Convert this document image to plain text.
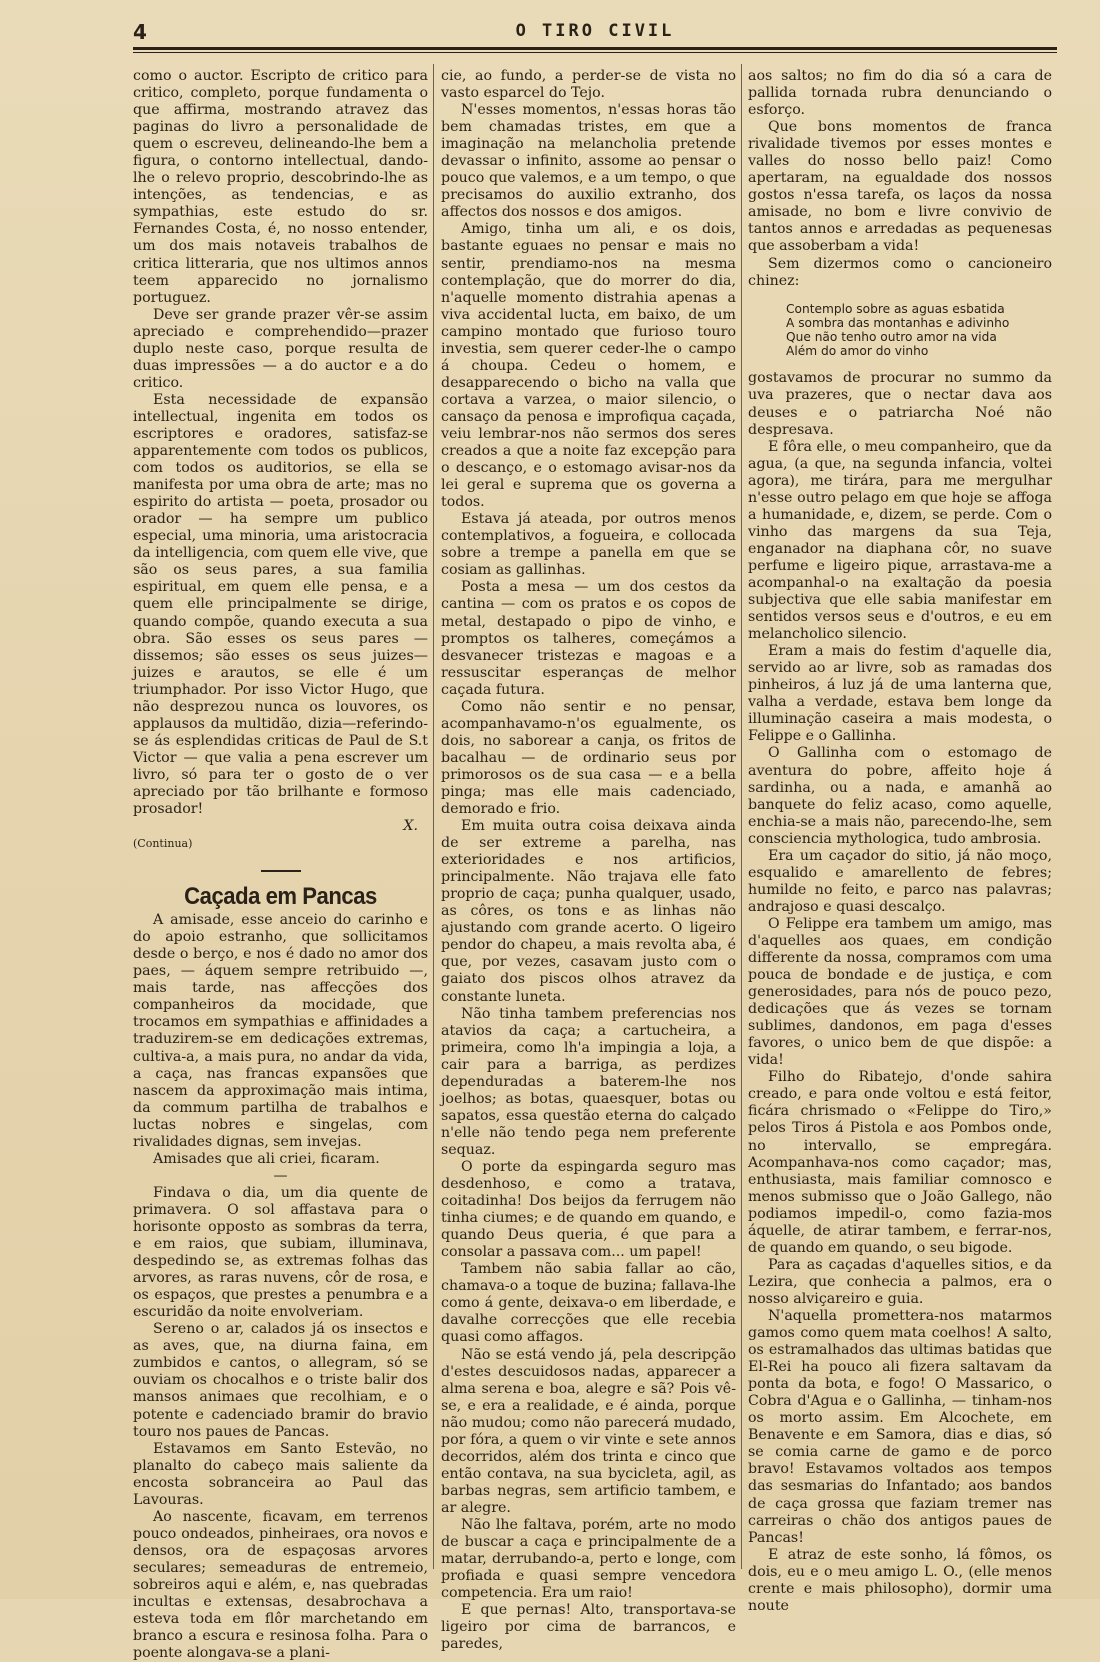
4	O TIRO CIVIL

como o auctor. Escripto de critico para critico, completo, porque fundamenta o que affirma, mostrando atravez das paginas do livro a personalidade de quem o escreveu, delineando-lhe bem a figura, o contorno intellectual, dando-lhe o relevo proprio, descobrindo-lhe as intenções, as tendencias, e as sympathias, este estudo do sr. Fernandes Costa, é, no nosso entender, um dos mais notaveis trabalhos de critica litteraria, que nos ultimos annos teem apparecido no jornalismo portuguez.

Deve ser grande prazer vêr-se assim apreciado e comprehendido—prazer duplo neste caso, porque resulta de duas impressões — a do auctor e a do critico.

Esta necessidade de expansão intellectual, ingenita em todos os escriptores e oradores, satisfaz-se apparentemente com todos os publicos, com todos os auditorios, se ella se manifesta por uma obra de arte; mas no espirito do artista — poeta, prosador ou orador — ha sempre um publico especial, uma minoria, uma aristocracia da intelligencia, com quem elle vive, que são os seus pares, a sua familia espiritual, em quem elle pensa, e a quem elle principalmente se dirige, quando compõe, quando executa a sua obra. São esses os seus pares — dissemos; são esses os seus juizes— juizes e arautos, se elle é um triumphador. Por isso Victor Hugo, que não desprezou nunca os louvores, os applausos da multidão, dizia—referindo-se ás esplendidas criticas de Paul de S.t Victor — que valia a pena escrever um livro, só para ter o gosto de o ver apreciado por tão brilhante e formoso prosador!

X.

(Continua)

Caçada em Pancas

A amisade, esse anceio do carinho e do apoio estranho, que sollicitamos desde o berço, e nos é dado no amor dos paes, — áquem sempre retribuido —, mais tarde, nas affecções dos companheiros da mocidade, que trocamos em sympathias e affinidades a traduzirem-se em dedicações extremas, cultiva-a, a mais pura, no andar da vida, a caça, nas francas expansões que nascem da approximação mais intima, da commum partilha de trabalhos e luctas nobres e singelas, com rivalidades dignas, sem invejas.

Amisades que ali criei, ficaram.

—

Findava o dia, um dia quente de primavera. O sol affastava para o horisonte opposto as sombras da terra, e em raios, que subiam, illuminava, despedindo se, as extremas folhas das arvores, as raras nuvens, côr de rosa, e os espaços, que prestes a penumbra e a escuridão da noite envolveriam.

Sereno o ar, calados já os insectos e as aves, que, na diurna faina, em zumbidos e cantos, o allegram, só se ouviam os chocalhos e o triste balir dos mansos animaes que recolhiam, e o potente e cadenciado bramir do bravio touro nos paues de Pancas.

Estavamos em Santo Estevão, no planalto do cabeço mais saliente da encosta sobranceira ao Paul das Lavouras.

Ao nascente, ficavam, em terrenos pouco ondeados, pinheiraes, ora novos e densos, ora de espaçosas arvores seculares; semeaduras de entremeio, sobreiros aqui e além, e, nas quebradas incultas e extensas, desabrochava a esteva toda em flôr marchetando em branco a escura e resinosa folha. Para o poente alongava-se a plani-

cie, ao fundo, a perder-se de vista no vasto esparcel do Tejo.

N'esses momentos, n'essas horas tão bem chamadas tristes, em que a imaginação na melancholia pretende devassar o infinito, assome ao pensar o pouco que valemos, e a um tempo, o que precisamos do auxilio extranho, dos affectos dos nossos e dos amigos.

Amigo, tinha um ali, e os dois, bastante eguaes no pensar e mais no sentir, prendiamo-nos na mesma contemplação, que do morrer do dia, n'aquelle momento distrahia apenas a viva accidental lucta, em baixo, de um campino montado que furioso touro investia, sem querer ceder-lhe o campo á choupa. Cedeu o homem, e desapparecendo o bicho na valla que cortava a varzea, o maior silencio, o cansaço da penosa e improfiqua caçada, veiu lembrar-nos não sermos dos seres creados a que a noite faz excepção para o descanço, e o estomago avisar-nos da lei geral e suprema que os governa a todos.

Estava já ateada, por outros menos contemplativos, a fogueira, e collocada sobre a trempe a panella em que se cosiam as gallinhas.

Posta a mesa — um dos cestos da cantina — com os pratos e os copos de metal, destapado o pipo de vinho, e promptos os talheres, começámos a desvanecer tristezas e magoas e a ressuscitar esperanças de melhor caçada futura.

Como não sentir e no pensar, acompanhavamo-n'os egualmente, os dois, no saborear a canja, os fritos de bacalhau — de ordinario seus por primorosos os de sua casa — e a bella pinga; mas elle mais cadenciado, demorado e frio.

Em muita outra coisa deixava ainda de ser extreme a parelha, nas exterioridades e nos artificios, principalmente. Não trajava elle fato proprio de caça; punha qualquer, usado, as côres, os tons e as linhas não ajustando com grande acerto. O ligeiro pendor do chapeu, a mais revolta aba, é que, por vezes, casavam justo com o gaiato dos piscos olhos atravez da constante luneta.

Não tinha tambem preferencias nos atavios da caça; a cartucheira, a primeira, como lh'a impingia a loja, a cair para a barriga, as perdizes dependuradas a baterem-lhe nos joelhos; as botas, quaesquer, botas ou sapatos, essa questão eterna do calçado n'elle não tendo pega nem preferente sequaz.

O porte da espingarda seguro mas desdenhoso, e como a tratava, coitadinha! Dos beijos da ferrugem não tinha ciumes; e de quando em quando, e quando Deus queria, é que para a consolar a passava com... um papel!

Tambem não sabia fallar ao cão, chamava-o a toque de buzina; fallava-lhe como á gente, deixava-o em liberdade, e davalhe correcções que elle recebia quasi como affagos.

Não se está vendo já, pela descripção d'estes descuidosos nadas, apparecer a alma serena e boa, alegre e sã? Pois vê-se, e era a realidade, e é ainda, porque não mudou; como não parecerá mudado, por fóra, a quem o vir vinte e sete annos decorridos, além dos trinta e cinco que então contava, na sua bycicleta, agil, as barbas negras, sem artificio tambem, e ar alegre.

Não lhe faltava, porém, arte no modo de buscar a caça e principalmente de a matar, derrubando-a, perto e longe, com profiada e quasi sempre vencedora competencia. Era um raio!

E que pernas! Alto, transportava-se ligeiro por cima de barrancos, e paredes,

aos saltos; no fim do dia só a cara de pallida tornada rubra denunciando o esforço.

Que bons momentos de franca rivalidade tivemos por esses montes e valles do nosso bello paiz! Como apertaram, na egualdade dos nossos gostos n'essa tarefa, os laços da nossa amisade, no bom e livre convivio de tantos annos e arredadas as pequenesas que assoberbam a vida!

Sem dizermos como o cancioneiro chinez:

Contemplo sobre as aguas esbatida
A sombra das montanhas e adivinho
Que não tenho outro amor na vida
Além do amor do vinho

gostavamos de procurar no summo da uva prazeres, que o nectar dava aos deuses e o patriarcha Noé não despresava.

E fôra elle, o meu companheiro, que da agua, (a que, na segunda infancia, voltei agora), me tirára, para me mergulhar n'esse outro pelago em que hoje se affoga a humanidade, e, dizem, se perde. Com o vinho das margens da sua Teja, enganador na diaphana côr, no suave perfume e ligeiro pique, arrastava-me a acompanhal-o na exaltação da poesia subjectiva que elle sabia manifestar em sentidos versos seus e d'outros, e eu em melancholico silencio.

Eram a mais do festim d'aquelle dia, servido ao ar livre, sob as ramadas dos pinheiros, á luz já de uma lanterna que, valha a verdade, estava bem longe da illuminação caseira a mais modesta, o Felippe e o Gallinha.

O Gallinha com o estomago de aventura do pobre, affeito hoje á sardinha, ou a nada, e amanhã ao banquete do feliz acaso, como aquelle, enchia-se a mais não, parecendo-lhe, sem consciencia mythologica, tudo ambrosia.

Era um caçador do sitio, já não moço, esqualido e amarellento de febres; humilde no feito, e parco nas palavras; andrajoso e quasi descalço.

O Felippe era tambem um amigo, mas d'aquelles aos quaes, em condição differente da nossa, compramos com uma pouca de bondade e de justiça, e com generosidades, para nós de pouco pezo, dedicações que ás vezes se tornam sublimes, dandonos, em paga d'esses favores, o unico bem de que dispõe: a vida!

Filho do Ribatejo, d'onde sahira creado, e para onde voltou e está feitor, ficára chrismado o «Felippe do Tiro,» pelos Tiros á Pistola e aos Pombos onde, no intervallo, se empregára. Acompanhava-nos como caçador; mas, enthusiasta, mais familiar comnosco e menos submisso que o João Gallego, não podiamos impedil-o, como fazia-mos áquelle, de atirar tambem, e ferrar-nos, de quando em quando, o seu bigode.

Para as caçadas d'aquelles sitios, e da Lezira, que conhecia a palmos, era o nosso alviçareiro e guia.

N'aquella promettera-nos matarmos gamos como quem mata coelhos! A salto, os estramalhados das ultimas batidas que El-Rei ha pouco ali fizera saltavam da ponta da bota, e fogo! O Massarico, o Cobra d'Agua e o Gallinha, — tinham-nos os morto assim. Em Alcochete, em Benavente e em Samora, dias e dias, só se comia carne de gamo e de porco bravo! Estavamos voltados aos tempos das sesmarias do Infantado; aos bandos de caça grossa que faziam tremer nas carreiras o chão dos antigos paues de Pancas!

E atraz de este sonho, lá fômos, os dois, eu e o meu amigo L. O., (elle menos crente e mais philosopho), dormir uma noute
